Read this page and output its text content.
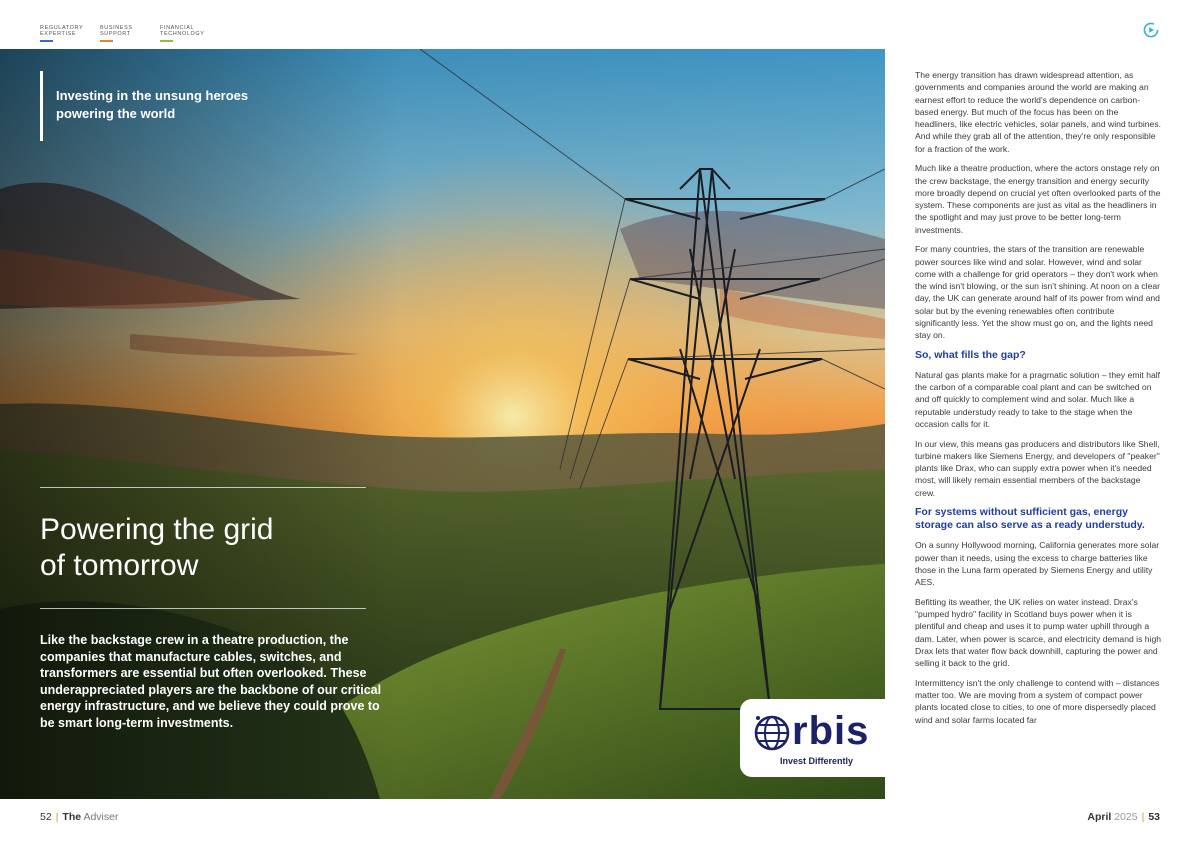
REGULATORY
EXPERTISE
BUSINESS
SUPPORT
FINANCIAL
TECHNOLOGY
Investing in the unsung heroes powering the world
Powering the grid
of tomorrow

Like the backstage crew in a theatre production, the companies that manufacture cables, switches, and transformers are essential but often overlooked. These underappreciated players are the backbone of our critical energy infrastructure, and we believe they could prove to be smart long-term investments.	rbis
Invest Differently

The energy transition has drawn widespread attention, as governments and companies around the world are making an earnest effort to reduce the world's dependence on carbon-based energy. But much of the focus has been on the headliners, like electric vehicles, solar panels, and wind turbines. And while they grab all of the attention, they're only responsible for a fraction of the work.

Much like a theatre production, where the actors onstage rely on the crew backstage, the energy transition and energy security more broadly depend on crucial yet often overlooked parts of the system. These components are just as vital as the headliners in the spotlight and may just prove to be better long-term investments.

For many countries, the stars of the transition are renewable power sources like wind and solar. However, wind and solar come with a challenge for grid operators – they don't work when the wind isn't blowing, or the sun isn't shining. At noon on a clear day, the UK can generate around half of its power from wind and solar but by the evening renewables often contribute significantly less. Yet the show must go on, and the lights need stay on.

So, what fills the gap?

Natural gas plants make for a pragmatic solution – they emit half the carbon of a comparable coal plant and can be switched on and off quickly to complement wind and solar. Much like a reputable understudy ready to take to the stage when the occasion calls for it.

In our view, this means gas producers and distributors like Shell, turbine makers like Siemens Energy, and developers of "peaker" plants like Drax, who can supply extra power when it's needed most, will likely remain essential members of the backstage crew.

For systems without sufficient gas, energy storage can also serve as a ready understudy.

On a sunny Hollywood morning, California generates more solar power than it needs, using the excess to charge batteries like those in the Luna farm operated by Siemens Energy and utility AES.

Befitting its weather, the UK relies on water instead. Drax's "pumped hydro" facility in Scotland buys power when it is plentiful and cheap and uses it to pump water uphill through a dam. Later, when power is scarce, and electricity demand is high Drax lets that water flow back downhill, capturing the power and selling it back to the grid.

Intermittency isn't the only challenge to contend with – distances matter too. We are moving from a system of compact power plants located close to cities, to one of more dispersedly placed wind and solar farms located far

52 | The Adviser	April 2025 | 53
